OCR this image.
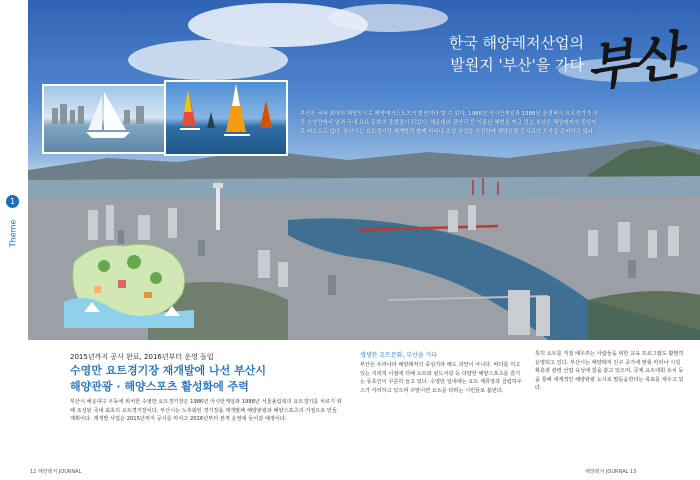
1
Theme
(해운대 방면 사진 부산시 제공)	한국 해양레저산업의
발원지 '부산'을 가다
부산
부산은 국내 최대의 해양도시로 해양레저스포츠의 발원지라 할 수 있다. 1986년 아시안게임과 1988년 올림픽의 요트경기가 이곳 수영만에서 열려 국내 요트 문화의 출발점이 되었다. 해운대와 광안리 등 이름난 해변을 끼고 있는 부산은 해양레저의 중심지로 떠오르고 있다. 부산시는 요트경기장 재개발과 함께 마리나 조성 사업을 추진하며 해양관광 도시로의 도약을 준비하고 있다.
2015년까지 공사 완료, 2016년부터 운영 돌입
수영만 요트경기장 재개발에 나선 부산시
해양관광 · 해양스포츠 활성화에 주력
부산시 해운대구 우동에 위치한 수영만 요트경기장은 1986년 아시안게임과 1988년 서울올림픽의 요트경기를 치르기 위해 조성된 국내 최초의 요트경기장이다. 부산시는 노후화된 경기장을 재개발해 해양관광과 해양스포츠의 거점으로 만들 계획이다. 재개발 사업은 2015년까지 공사를 마치고 2016년부터 본격 운영에 들어갈 예정이다.
생생한 요트문화, 부산을 가다
부산은 우리나라 해양레저의 중심지라 해도 과언이 아니다. 바다를 끼고 있는 지리적 이점에 더해 요트와 윈드서핑 등 다양한 해양스포츠를 즐기는 동호인이 꾸준히 늘고 있다. 수영만 일대에는 요트 계류장과 클럽하우스가 자리하고 있으며 주말이면 요트를 타려는 시민들로 붐빈다.
특히 요트를 직접 배우려는 사람들을 위한 교육 프로그램도 활발히 운영되고 있다. 부산시는 해양레저 인구 증가에 맞춰 마리나 시설 확충과 관련 산업 육성에 힘을 쏟고 있으며, 국제 요트대회 유치 등을 통해 세계적인 해양관광 도시로 발돋움한다는 목표를 세우고 있다.
12 해양레저 JOURNAL	해양레저 JOURNAL 13
